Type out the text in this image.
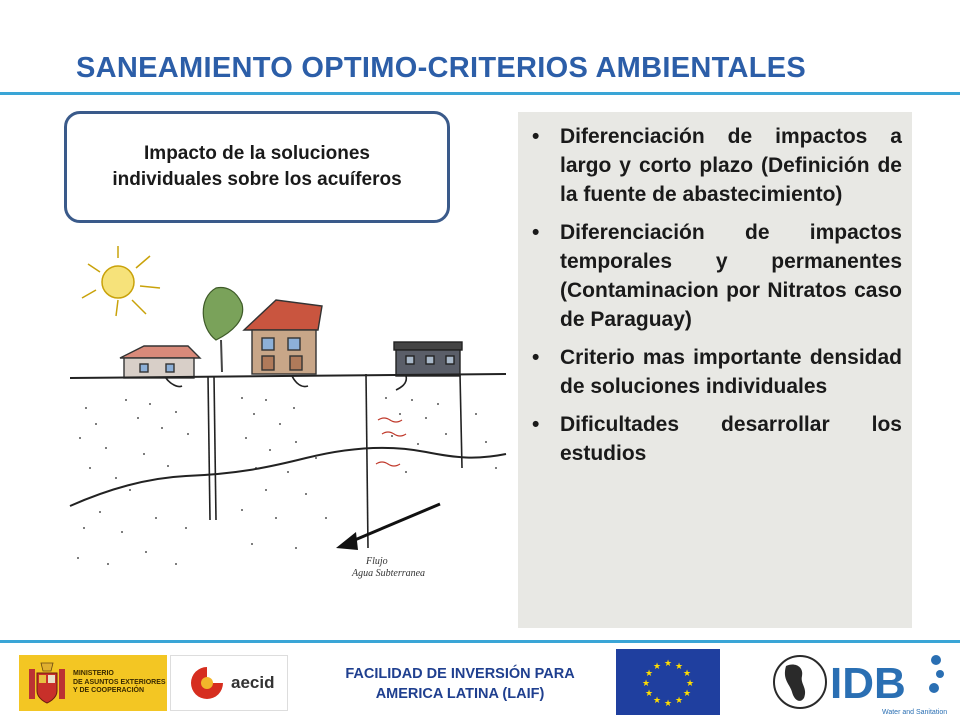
SANEAMIENTO OPTIMO-CRITERIOS AMBIENTALES
Impacto de la soluciones individuales sobre los acuíferos
Flujo
Agua Subterranea
• Diferenciación de impactos a largo y corto plazo (Definición de la fuente de abastecimiento)
• Diferenciación de impactos temporales y permanentes (Contaminacion por Nitratos caso de Paraguay)
• Criterio mas importante densidad de soluciones individuales
• Dificultades desarrollar los estudios
MINISTERIO
DE ASUNTOS EXTERIORES
Y DE COOPERACIÓN	aecid	FACILIDAD DE INVERSIÓN PARA
AMERICA LATINA (LAIF)
★ ★
★
★
★
★
★
★
★
★
★
★	IDB
Water and Sanitation
